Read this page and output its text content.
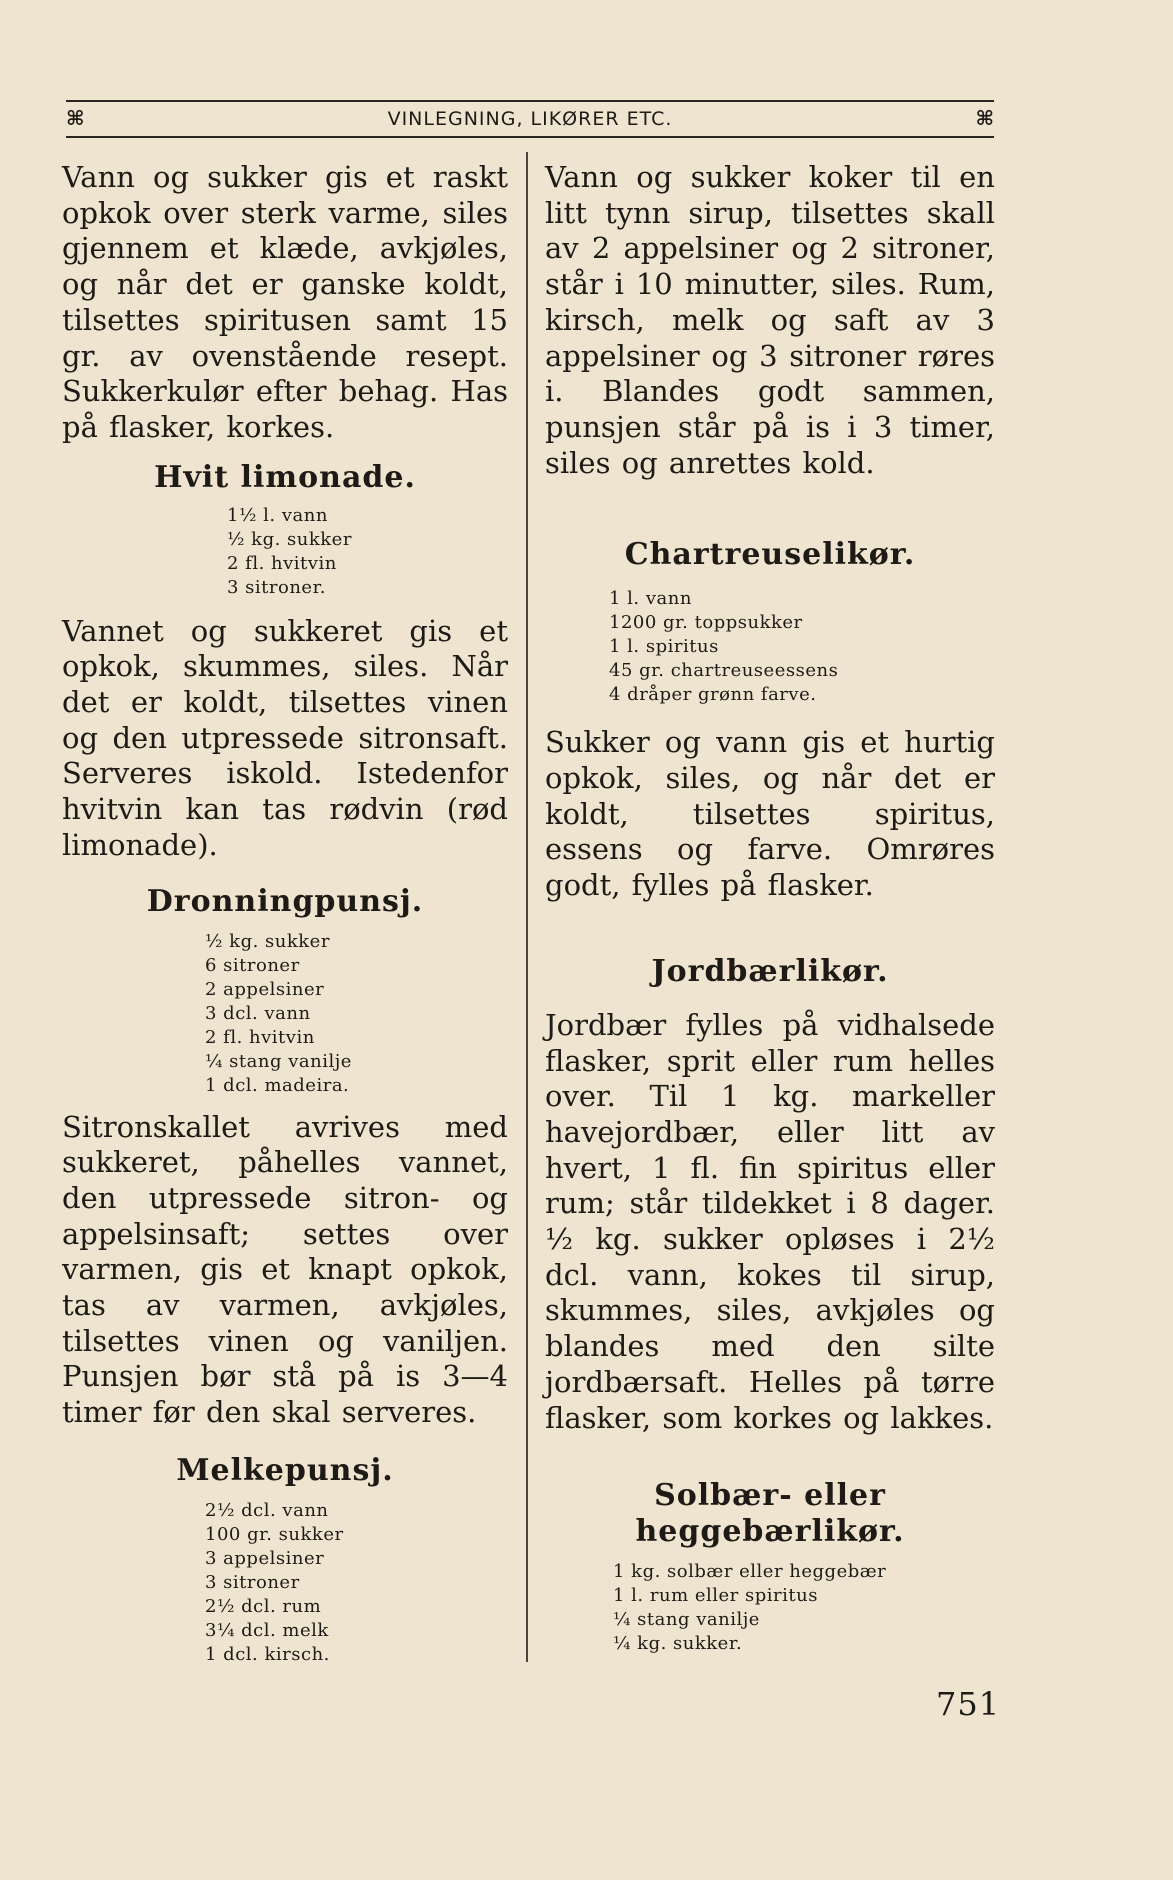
⌘	VINLEGNING, LIKØRER ETC.	⌘

Vann og sukker gis et raskt opkok over sterk varme, siles gjennem et klæde, avkjøles, og når det er ganske koldt, tilsettes spiritusen samt 15 gr. av ovenstående resept. Sukkerkulør efter behag. Has på flasker, korkes.

Hvit limonade.
1½ l. vann
½ kg. sukker
2 fl. hvitvin
3 sitroner.

Vannet og sukkeret gis et opkok, skummes, siles. Når det er koldt, tilsettes vinen og den utpressede sitronsaft. Serveres iskold. Istedenfor hvitvin kan tas rødvin (rød limonade).

Dronningpunsj.
½ kg. sukker
6 sitroner
2 appelsiner
3 dcl. vann
2 fl. hvitvin
¼ stang vanilje
1 dcl. madeira.

Sitronskallet avrives med sukkeret, påhelles vannet, den utpressede sitron- og appelsinsaft; settes over varmen, gis et knapt opkok, tas av varmen, avkjøles, tilsettes vinen og vaniljen. Punsjen bør stå på is 3—4 timer før den skal serveres.

Melkepunsj.
2½ dcl. vann
100 gr. sukker
3 appelsiner
3 sitroner
2½ dcl. rum
3¼ dcl. melk
1 dcl. kirsch.

Vann og sukker koker til en litt tynn sirup, tilsettes skall av 2 appelsiner og 2 sitroner, står i 10 minutter, siles. Rum, kirsch, melk og saft av 3 appelsiner og 3 sitroner røres i. Blandes godt sammen, punsjen står på is i 3 timer, siles og anrettes kold.

Chartreuselikør.
1 l. vann
1200 gr. toppsukker
1 l. spiritus
45 gr. chartreuseessens
4 dråper grønn farve.

Sukker og vann gis et hurtig opkok, siles, og når det er koldt, tilsettes spiritus, essens og farve. Omrøres godt, fylles på flasker.

Jordbærlikør.

Jordbær fylles på vidhalsede flasker, sprit eller rum helles over. Til 1 kg. markeller havejordbær, eller litt av hvert, 1 fl. fin spiritus eller rum; står tildekket i 8 dager. ½ kg. sukker opløses i 2½ dcl. vann, kokes til sirup, skummes, siles, avkjøles og blandes med den silte jordbærsaft. Helles på tørre flasker, som korkes og lakkes.

Solbær- eller heggebærlikør.
1 kg. solbær eller heggebær
1 l. rum eller spiritus
¼ stang vanilje
¼ kg. sukker.
751
